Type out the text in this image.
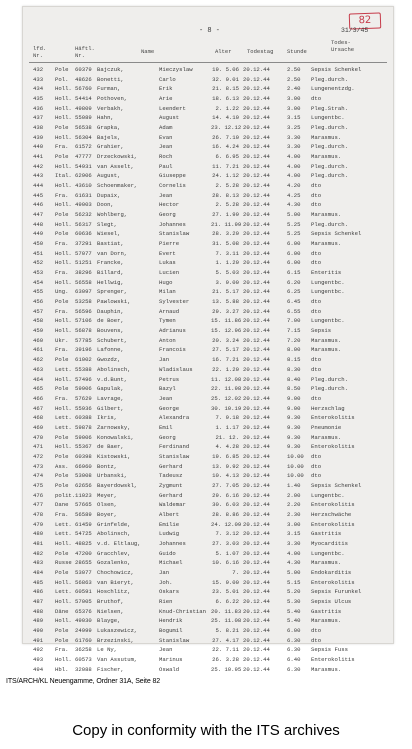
82
- 8 -	31/3/45
lfd. Nr.
Häftl. Nr.
Name	Alter	Todestag Stunde
Todes- Ursache
432	Pole	60379 Bajczuk,	Mieczyslaw	19. 5.06 20.12.44	2.50	Sepsis Schenkel
433	Pol.	48626 Bonetti,	Carlo	32. 9.01 20.12.44	2.50	Pleg.durch.
434	Holl. 56760 Furman,	Erik	21. 8.15 20.12.44	2.40	Lungenentzdg.
435	Holl. 54414 Pothoven,	Arie	18. 6.13 20.12.44	3.00	dto
436	Holl. 49809 Verbakh,	Leendert	2. 1.22 20.12.44	3.00	Pleg.Strah.
437	Holl. 55089 Hahn,	August	14. 4.10 20.12.44	3.15	Lungentbc.
438	Pole	56538 Grapka,	Adam	23. 12.12 20.12.44	3.25	Pleg.durch.
439	Holl. 56304 Bajels,	Evan	26. 7.10 20.12.44	3.30	Marasmus.
440	Fra.	61572 Grahier,	Jean	16. 4.24 20.12.44	3.30	Pleg.durch.
441	Pole	47777 Drzeckowski,	Roch	6. 6.95 20.12.44	4.00	Marasmus.
442	Holl. 54931 van Asselt,	Paul	11. 7.21 20.12.44	4.00	Pleg.durch.
443	Ital. 62906 August,	Giuseppe	24. 1.12 20.12.44	4.00	Pleg.durch.
444	Holl. 43610 Schoenmaker,	Cornelis	2. 5.28 20.12.44	4.20	dto
445	Fra.	61631 Dupaix,	Jean	28. 8.13 20.12.44	4.25	dto
446	Holl. 49003 Doon,	Hector	2. 5.28 20.12.44	4.30	dto
447	Pole	56232 Wohlberg,	Georg	27. 1.99 20.12.44	5.00	Marasmus.
448	Holl. 56317 Slegt,	Johannes	21. 11.99 20.12.44	5.25	Pleg.durch.
449	Pole	60636 Wiesel,	Stanislaw	28. 3.20 20.12.44	5.25	Sepsis Schenkel
450	Fra.	37291 Bastiat,	Pierre	31. 5.08 20.12.44	6.00	Marasmus.
451	Holl. 57077 van Dorn,	Evert	7. 3.11 20.12.44	6.00	dto
452	Holl. 51251 Francke,	Lukas	1. 1.20 20.12.44	6.00	dto
453	Fra.	38296 Billard,	Lucien	5. 5.03 20.12.44	6.15	Enteritis
454	Holl. 56558 Hellwig,	Hugo	3. 9.00 20.12.44	6.20	Lungentbc.
455	Ung.	63097 Sprenger,	Milan	21. 5.17 20.12.44	6.25	Lungentbc.
456	Pole	53258 Pawlowski,	Sylvester	13. 5.88 20.12.44	6.45	dto
457	Fra.	56596 Dauphin,	Arnaud	29. 3.27 20.12.44	6.55	dto
458	Holl. 57106 de Boer,	Tymen	15. 11.86 20.12.44	7.00	Lungentbc.
459	Holl. 56878 Bouvens,	Adrianus	15. 12.96 20.12.44	7.15	Sepsis
460	Ukr.	57785 Schubert,	Anton	20. 3.24 20.12.44	7.20	Marasmus.
461	Fra.	39196 Lafonne,	Francois	27. 5.17 20.12.44	8.00	Marasmus.
462	Pole	61002 Gwozdz,	Jan	16. 7.21 20.12.44	8.15	dto
463	Lett. 55388 Abolinsch,	Wladislaus	22. 1.20 20.12.44	8.30	dto
464	Holl. 57496 v.d.Bunt,	Petrus	11. 12.08 20.12.44	8.40	Pleg.durch.
465	Pole	59906 Gapulak,	Bazyl	22. 11.98 20.12.44	8.50	Pleg.durch.
466	Fra.	57629 Lavrage,	Jean	25. 12.02 20.12.44	9.00	dto
467	Holl. 55936 Gilbert,	George	30. 10.19 20.12.44	9.00	Herzschlag
468	Lett. 60388 Ikris,	Alexandra	7. 9.18 20.12.44	9.30	Enterokolitis
469	Lett. 59878 Zarnowsky,	Emil	1. 1.17 20.12.44	9.30	Pneumonie
470	Pole	59006 Konowalski,	Georg	21. 12. 20.12.44	9.30	Marasmus.
471	Holl. 55367 de Baer,	Ferdinand	4. 4.28 20.12.44	9.30	Enterokolitis
472	Pole	60398 Kistowski,	Stanislaw	19. 6.85 20.12.44	10.00	dto
473	Ass.	66960 Bontz,	Gerhard	13. 9.92 20.12.44	10.00	dto
474	Pole	53008 Urbanski,	Tadeusz	10. 4.13 20.12.44	10.00	dto
475	Pole	62656 Bayerdowskl,	Zygmunt	27. 7.05 20.12.44	1.40	Sepsis Schenkel
476	polit. 11023 Meyer,	Gerhard	29. 6.16 20.12.44	2.00	Lungentbc.
477	Dane	57665 Olsen,	Waldemar	30. 6.03 20.12.44	2.20	Enterokolitis
478	Fra.	56589 Boyer,	Albert	28. 8.86 20.12.44	2.30	Herzschwäche
479	Lett. 61459 Grinfelde,	Emilie	24. 12.09 20.12.44	3.00	Enterokolitis
480	Lett. 54725 Abolinsch,	Ludwig	7. 3.12 20.12.44	3.15	Gastritis
481	Holl. 48825 v.d. Eltlaug,	Johannes	27. 3.03 20.12.44	3.30	Myocarditis
482	Pole	47200 Gracchlev,	Guido	5. 1.07 20.12.44	4.00	Lungentbc.
483	Russe 28655 Gozalenko,	Michael	10. 6.16 20.12.44	4.30	Marasmus.
484	Pole	53077 Chochowicz,	Jan	7. 20.12.44	5.00	Endokarditis
485	Holl. 56863 van Bieryt,	Joh.	15. 9.00 20.12.44	5.15	Enterokolitis
486	Lett. 60591 Hoschlitz,	Oskars	23. 5.01 20.12.44	5.20	Sepsis Furunkel
487	Holl. 57005 Bruthof,	Rien	6. 6.22 20.12.44	5.30	Sepsis Ulcus
488	Däne	65376 Nielsen,	Knud-Christian 20. 11.83 20.12.44	5.40	Gastritis
489	Holl. 49030 Blayge,	Hendrik	25. 11.08 20.12.44	5.40	Marasmus.
490	Pole	24999 Lukaszewicz,	Bogumil	5. 8.21 20.12.44	6.00	dto
491	Pole	61760 Brzezinski,	Stanislaw	27. 4.17 20.12.44	6.30	dto
492	Fra.	36258 Le Ny,	Jean	22. 7.11 20.12.44	6.30	Sepsis Fuss
493	Holl. 60573 Van Assutum,	Marinus	26. 3.28 20.12.44	6.40	Enterokolitis
494	Hbl.	32088 Fischer,	Oswald	25. 10.95 20.12.44	6.30	Marasmus.
ITS/ARCH/KL Neuengamme, Ordner 31A, Seite 82
Copy in conformity with the ITS archives
